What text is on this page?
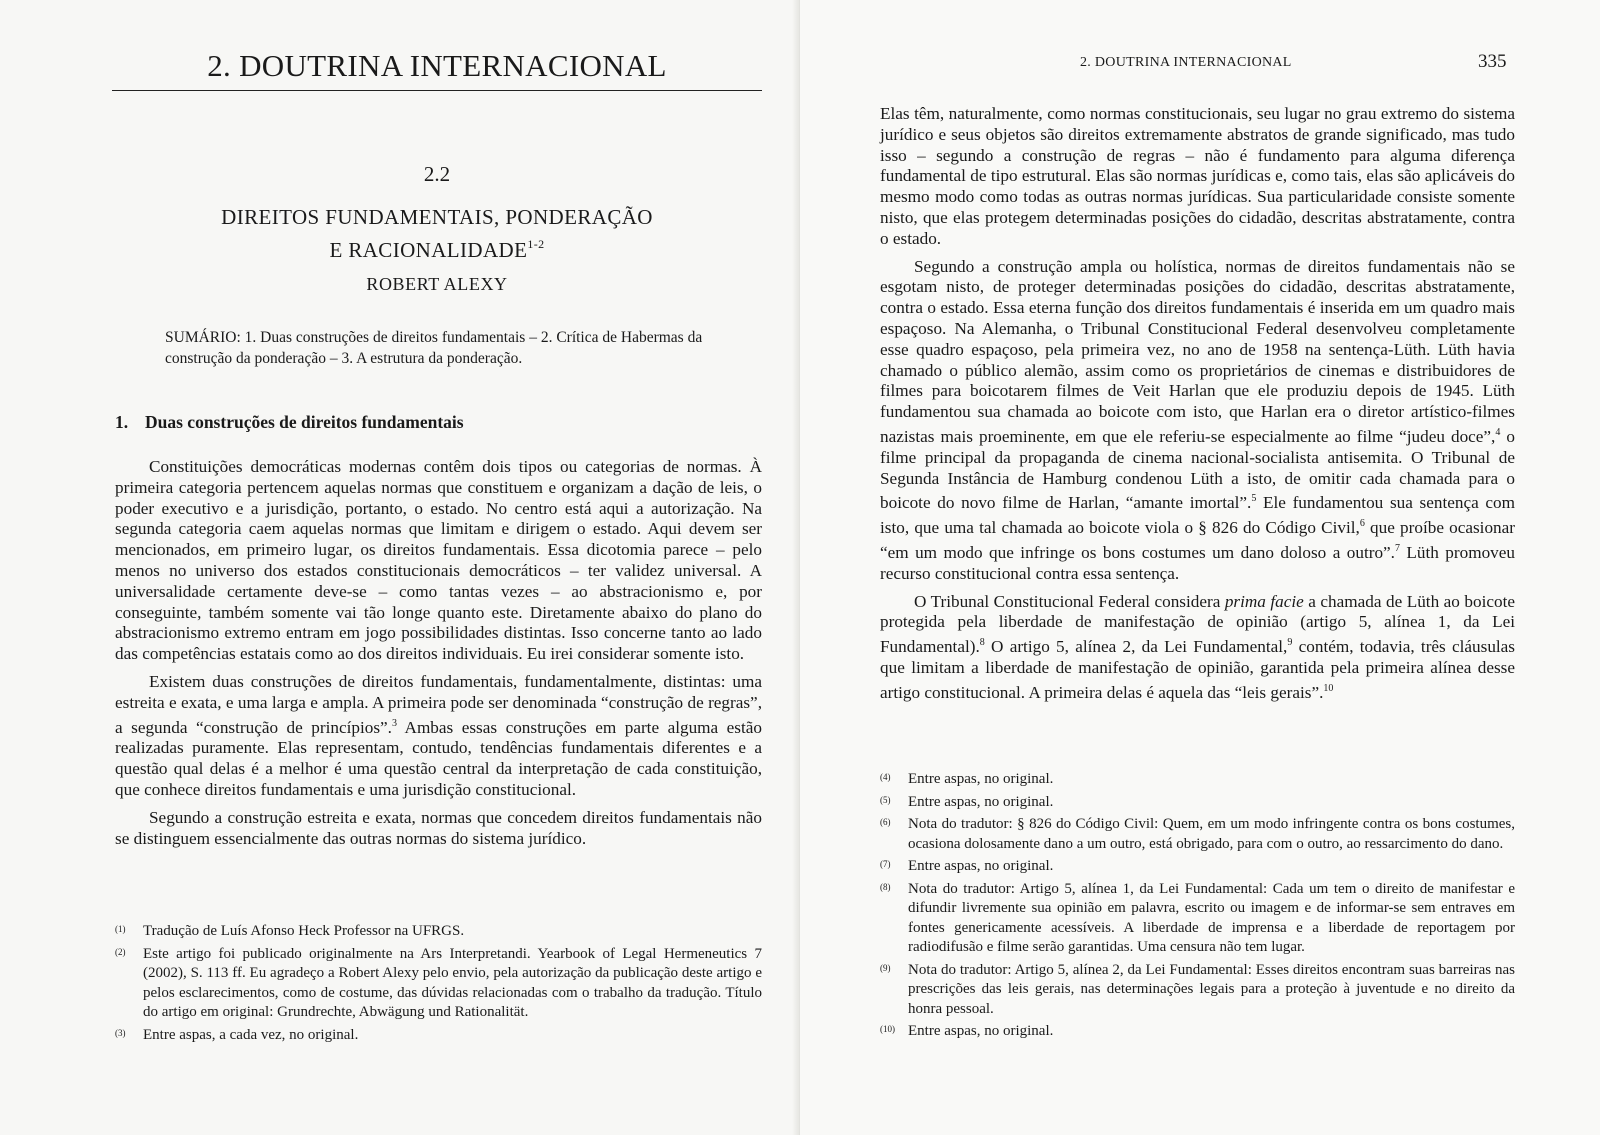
2. DOUTRINA INTERNACIONAL
2.2
DIREITOS FUNDAMENTAIS, PONDERAÇÃO
E RACIONALIDADE$^{1-2}$
ROBERT ALEXY

SUMÁRIO: 1. Duas construções de direitos fundamentais – 2. Crítica de Habermas da construção da ponderação – 3. A estrutura da ponderação.

1. Duas construções de direitos fundamentais

Constituições democráticas modernas contêm dois tipos ou categorias de normas. À primeira categoria pertencem aquelas normas que constituem e organizam a dação de leis, o poder executivo e a jurisdição, portanto, o estado. No centro está aqui a autorização. Na segunda categoria caem aquelas normas que limitam e dirigem o estado. Aqui devem ser mencionados, em primeiro lugar, os direitos fundamentais. Essa dicotomia parece – pelo menos no universo dos estados constitucionais democráticos – ter validez universal. A universalidade certamente deve-se – como tantas vezes – ao abstracionismo e, por conseguinte, também somente vai tão longe quanto este. Diretamente abaixo do plano do abstracionismo extremo entram em jogo possibilidades distintas. Isso concerne tanto ao lado das competências estatais como ao dos direitos individuais. Eu irei considerar somente isto.

Existem duas construções de direitos fundamentais, fundamentalmente, distintas: uma estreita e exata, e uma larga e ampla. A primeira pode ser denominada “construção de regras”, a segunda “construção de princípios”.$^3$ Ambas essas construções em parte alguma estão realizadas puramente. Elas representam, contudo, tendências fundamentais diferentes e a questão qual delas é a melhor é uma questão central da interpretação de cada constituição, que conhece direitos fundamentais e uma jurisdição constitucional.

Segundo a construção estreita e exata, normas que concedem direitos fundamentais não se distinguem essencialmente das outras normas do sistema jurídico.

(1)	Tradução de Luís Afonso Heck Professor na UFRGS.
(2)	Este artigo foi publicado originalmente na Ars Interpretandi. Yearbook of Legal Hermeneutics 7 (2002), S. 113 ff. Eu agradeço a Robert Alexy pelo envio, pela autorização da publicação deste artigo e pelos esclarecimentos, como de costume, das dúvidas relacionadas com o trabalho da tradução. Título do artigo em original: Grundrechte, Abwägung und Rationalität.
(3)	Entre aspas, a cada vez, no original.
2. DOUTRINA INTERNACIONAL	335

Elas têm, naturalmente, como normas constitucionais, seu lugar no grau extremo do sistema jurídico e seus objetos são direitos extremamente abstratos de grande significado, mas tudo isso – segundo a construção de regras – não é fundamento para alguma diferença fundamental de tipo estrutural. Elas são normas jurídicas e, como tais, elas são aplicáveis do mesmo modo como todas as outras normas jurídicas. Sua particularidade consiste somente nisto, que elas protegem determinadas posições do cidadão, descritas abstratamente, contra o estado.

Segundo a construção ampla ou holística, normas de direitos fundamentais não se esgotam nisto, de proteger determinadas posições do cidadão, descritas abstratamente, contra o estado. Essa eterna função dos direitos fundamentais é inserida em um quadro mais espaçoso. Na Alemanha, o Tribunal Constitucional Federal desenvolveu completamente esse quadro espaçoso, pela primeira vez, no ano de 1958 na sentença-Lüth. Lüth havia chamado o público alemão, assim como os proprietários de cinemas e distribuidores de filmes para boicotarem filmes de Veit Harlan que ele produziu depois de 1945. Lüth fundamentou sua chamada ao boicote com isto, que Harlan era o diretor artístico-filmes nazistas mais proeminente, em que ele referiu-se especialmente ao filme “judeu doce”,$^4$ o filme principal da propaganda de cinema nacional-socialista antisemita. O Tribunal de Segunda Instância de Hamburg condenou Lüth a isto, de omitir cada chamada para o boicote do novo filme de Harlan, “amante imortal”.$^5$ Ele fundamentou sua sentença com isto, que uma tal chamada ao boicote viola o § 826 do Código Civil,$^6$ que proíbe ocasionar “em um modo que infringe os bons costumes um dano doloso a outro”.$^7$ Lüth promoveu recurso constitucional contra essa sentença.

O Tribunal Constitucional Federal considera prima facie a chamada de Lüth ao boicote protegida pela liberdade de manifestação de opinião (artigo 5, alínea 1, da Lei Fundamental).$^8$ O artigo 5, alínea 2, da Lei Fundamental,$^9$ contém, todavia, três cláusulas que limitam a liberdade de manifestação de opinião, garantida pela primeira alínea desse artigo constitucional. A primeira delas é aquela das “leis gerais”.$^{10}$

(4)	Entre aspas, no original.
(5)	Entre aspas, no original.
(6)	Nota do tradutor: § 826 do Código Civil: Quem, em um modo infringente contra os bons costumes, ocasiona dolosamente dano a um outro, está obrigado, para com o outro, ao ressarcimento do dano.
(7)	Entre aspas, no original.
(8)	Nota do tradutor: Artigo 5, alínea 1, da Lei Fundamental: Cada um tem o direito de manifestar e difundir livremente sua opinião em palavra, escrito ou imagem e de informar-se sem entraves em fontes genericamente acessíveis. A liberdade de imprensa e a liberdade de reportagem por radiodifusão e filme serão garantidas. Uma censura não tem lugar.
(9)	Nota do tradutor: Artigo 5, alínea 2, da Lei Fundamental: Esses direitos encontram suas barreiras nas prescrições das leis gerais, nas determinações legais para a proteção à juventude e no direito da honra pessoal.
(10) Entre aspas, no original.
